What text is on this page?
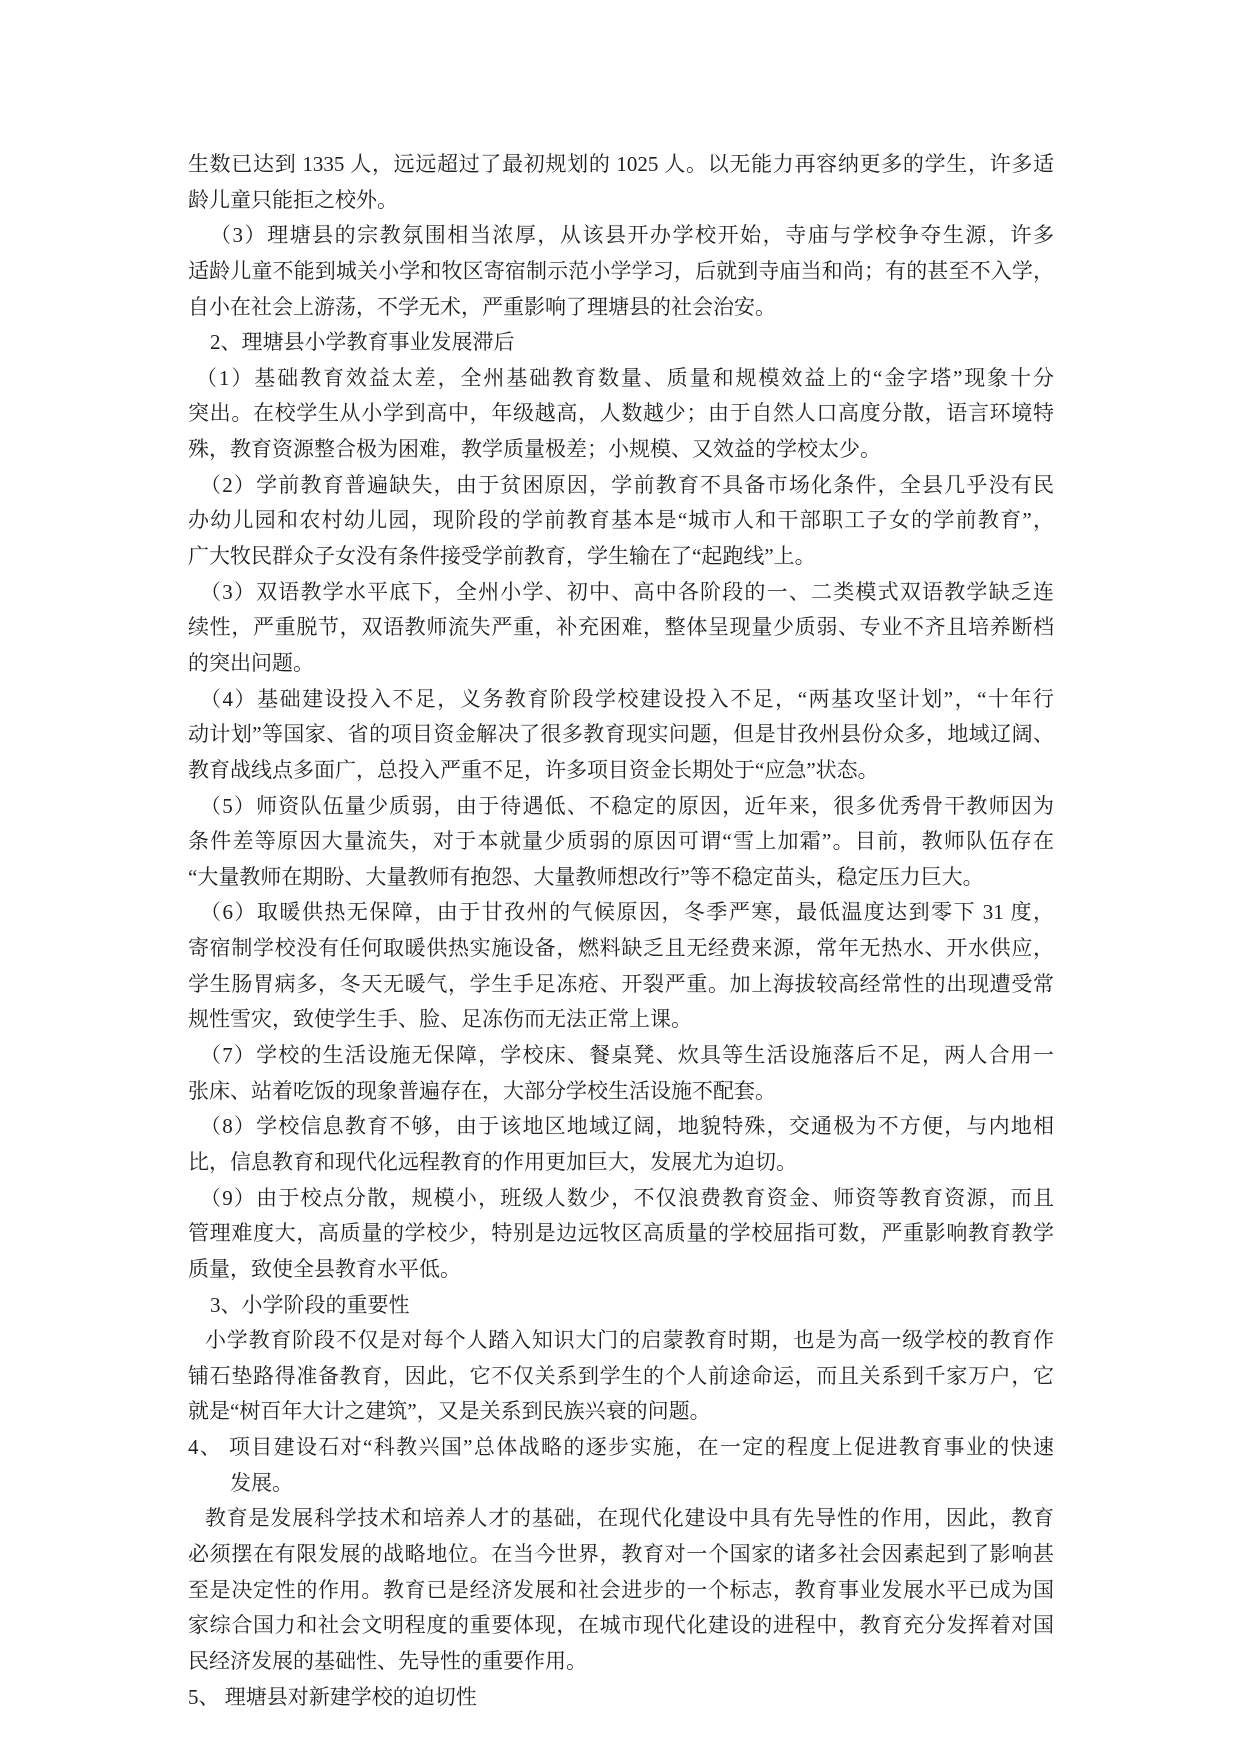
生数已达到 1335 人，远远超过了最初规划的 1025 人。以无能力再容纳更多的学生，许多适
龄儿童只能拒之校外。
（3）理塘县的宗教氛围相当浓厚，从该县开办学校开始，寺庙与学校争夺生源，许多
适龄儿童不能到城关小学和牧区寄宿制示范小学学习，后就到寺庙当和尚；有的甚至不入学，
自小在社会上游荡，不学无术，严重影响了理塘县的社会治安。
2、理塘县小学教育事业发展滞后
（1）基础教育效益太差，全州基础教育数量、质量和规模效益上的“金字塔”现象十分
突出。在校学生从小学到高中，年级越高，人数越少；由于自然人口高度分散，语言环境特
殊，教育资源整合极为困难，教学质量极差；小规模、又效益的学校太少。
（2）学前教育普遍缺失，由于贫困原因，学前教育不具备市场化条件，全县几乎没有民
办幼儿园和农村幼儿园，现阶段的学前教育基本是“城市人和干部职工子女的学前教育”，
广大牧民群众子女没有条件接受学前教育，学生输在了“起跑线”上。
（3）双语教学水平底下，全州小学、初中、高中各阶段的一、二类模式双语教学缺乏连
续性，严重脱节，双语教师流失严重，补充困难，整体呈现量少质弱、专业不齐且培养断档
的突出问题。
（4）基础建设投入不足，义务教育阶段学校建设投入不足，“两基攻坚计划”，“十年行
动计划”等国家、省的项目资金解决了很多教育现实问题，但是甘孜州县份众多，地域辽阔、
教育战线点多面广，总投入严重不足，许多项目资金长期处于“应急”状态。
（5）师资队伍量少质弱，由于待遇低、不稳定的原因，近年来，很多优秀骨干教师因为
条件差等原因大量流失，对于本就量少质弱的原因可谓“雪上加霜”。目前，教师队伍存在
“大量教师在期盼、大量教师有抱怨、大量教师想改行”等不稳定苗头，稳定压力巨大。
（6）取暖供热无保障，由于甘孜州的气候原因，冬季严寒，最低温度达到零下 31 度，
寄宿制学校没有任何取暖供热实施设备，燃料缺乏且无经费来源，常年无热水、开水供应，
学生肠胃病多，冬天无暖气，学生手足冻疮、开裂严重。加上海拔较高经常性的出现遭受常
规性雪灾，致使学生手、脸、足冻伤而无法正常上课。
（7）学校的生活设施无保障，学校床、餐桌凳、炊具等生活设施落后不足，两人合用一
张床、站着吃饭的现象普遍存在，大部分学校生活设施不配套。
（8）学校信息教育不够，由于该地区地域辽阔，地貌特殊，交通极为不方便，与内地相
比，信息教育和现代化远程教育的作用更加巨大，发展尤为迫切。
（9）由于校点分散，规模小，班级人数少，不仅浪费教育资金、师资等教育资源，而且
管理难度大，高质量的学校少，特别是边远牧区高质量的学校屈指可数，严重影响教育教学
质量，致使全县教育水平低。
3、小学阶段的重要性
小学教育阶段不仅是对每个人踏入知识大门的启蒙教育时期，也是为高一级学校的教育作
铺石垫路得准备教育，因此，它不仅关系到学生的个人前途命运，而且关系到千家万户，它
就是“树百年大计之建筑”，又是关系到民族兴衰的问题。
4、 项目建设石对“科教兴国”总体战略的逐步实施，在一定的程度上促进教育事业的快速
发展。
教育是发展科学技术和培养人才的基础，在现代化建设中具有先导性的作用，因此，教育
必须摆在有限发展的战略地位。在当今世界，教育对一个国家的诸多社会因素起到了影响甚
至是决定性的作用。教育已是经济发展和社会进步的一个标志，教育事业发展水平已成为国
家综合国力和社会文明程度的重要体现，在城市现代化建设的进程中，教育充分发挥着对国
民经济发展的基础性、先导性的重要作用。
5、 理塘县对新建学校的迫切性
